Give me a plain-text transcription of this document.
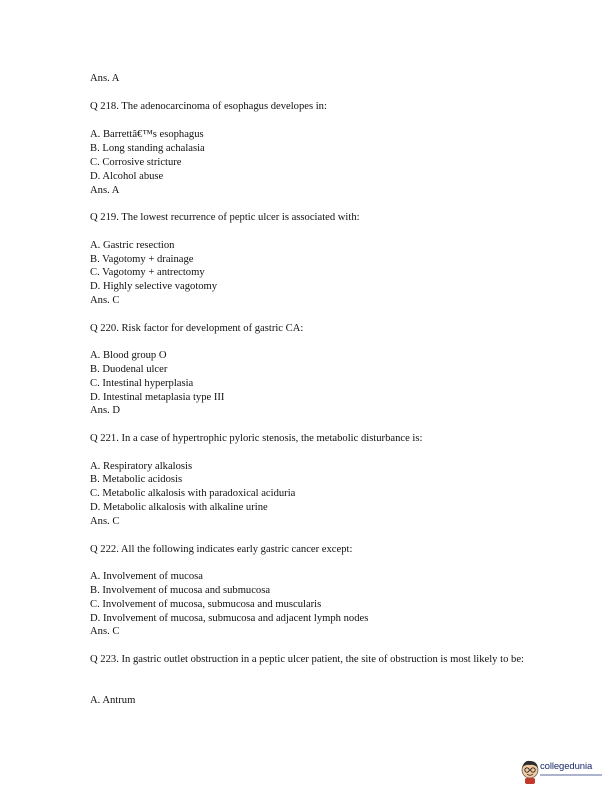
Ans. A
Q 218. The adenocarcinoma of esophagus developes in:
A. Barrettâ€™s esophagus
B. Long standing achalasia
C. Corrosive stricture
D. Alcohol abuse
Ans. A
Q 219. The lowest recurrence of peptic ulcer is associated with:
A. Gastric resection
B. Vagotomy + drainage
C. Vagotomy + antrectomy
D. Highly selective vagotomy
Ans. C
Q 220. Risk factor for development of gastric CA:
A. Blood group O
B. Duodenal ulcer
C. Intestinal hyperplasia
D. Intestinal metaplasia type III
Ans. D
Q 221. In a case of hypertrophic pyloric stenosis, the metabolic disturbance is:
A. Respiratory alkalosis
B. Metabolic acidosis
C. Metabolic alkalosis with paradoxical aciduria
D. Metabolic alkalosis with alkaline urine
Ans. C
Q 222. All the following indicates early gastric cancer except:
A. Involvement of mucosa
B. Involvement of mucosa and submucosa
C. Involvement of mucosa, submucosa and muscularis
D. Involvement of mucosa, submucosa and adjacent lymph nodes
Ans. C
Q 223. In gastric outlet obstruction in a peptic ulcer patient, the site of obstruction is most likely to be:
A. Antrum
collegedunia
